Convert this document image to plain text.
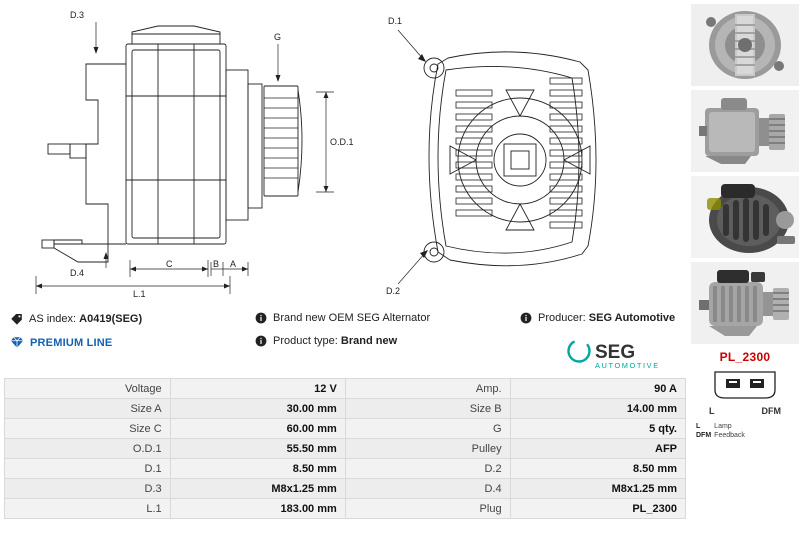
L.1
C	B A
O.D.1
D.3
G
D.4
D.1
D.2
AS index: A0419(SEG)
PREMIUM LINE
Brand new OEM SEG Alternator
Product type: Brand new
Producer: SEG Automotive
SEG
AUTOMOTIVE
Voltage	12 V	Amp.	90 A
Size A	30.00 mm	Size B	14.00 mm
Size C	60.00 mm	G	5 qty.
O.D.1	55.50 mm	Pulley	AFP
D.1	8.50 mm	D.2	8.50 mm
D.3	M8x1.25 mm	D.4	M8x1.25 mm
L.1	183.00 mm	Plug	PL_2300
PL_2300
L	DFM
L	Lamp
DFM	Feedback
